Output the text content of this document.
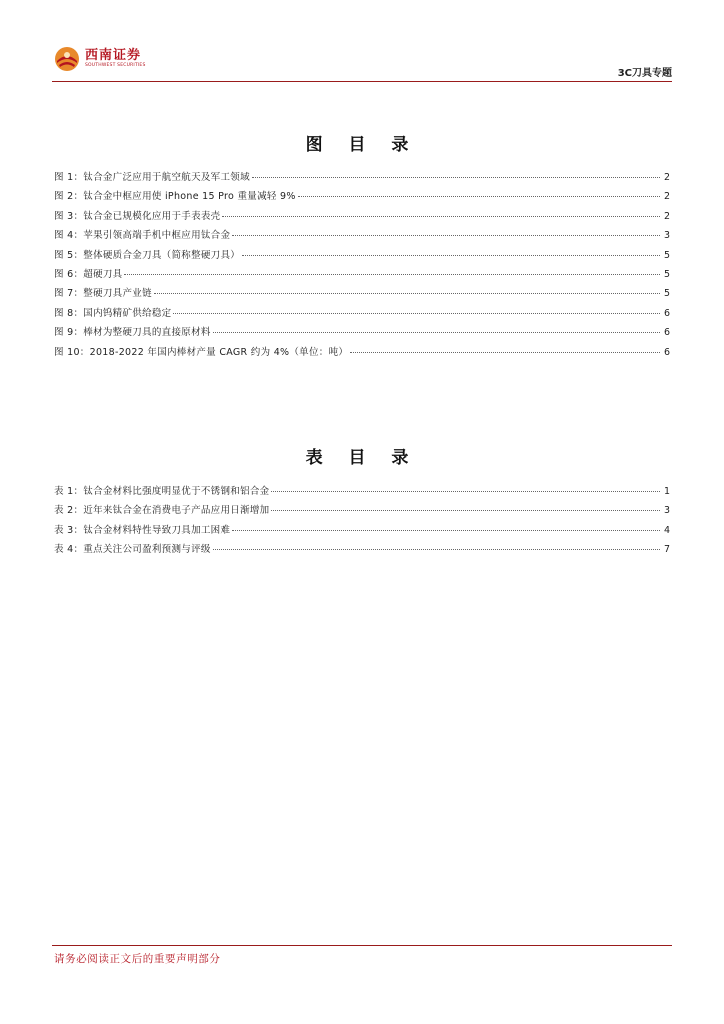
西南证券
SOUTHWEST SECURITIES
3C刀具专题
图 目 录
图 1：钛合金广泛应用于航空航天及军工领域	2
图 2：钛合金中框应用使 iPhone 15 Pro 重量减轻 9%	2
图 3：钛合金已规模化应用于手表表壳	2
图 4：苹果引领高端手机中框应用钛合金	3
图 5：整体硬质合金刀具（简称整硬刀具）	5
图 6：超硬刀具	5
图 7：整硬刀具产业链	5
图 8：国内钨精矿供给稳定	6
图 9：棒材为整硬刀具的直接原材料	6
图 10：2018-2022 年国内棒材产量 CAGR 约为 4%（单位：吨）	6
表 目 录
表 1：钛合金材料比强度明显优于不锈钢和铝合金	1
表 2：近年来钛合金在消费电子产品应用日渐增加	3
表 3：钛合金材料特性导致刀具加工困难	4
表 4：重点关注公司盈利预测与评级	7
请务必阅读正文后的重要声明部分
